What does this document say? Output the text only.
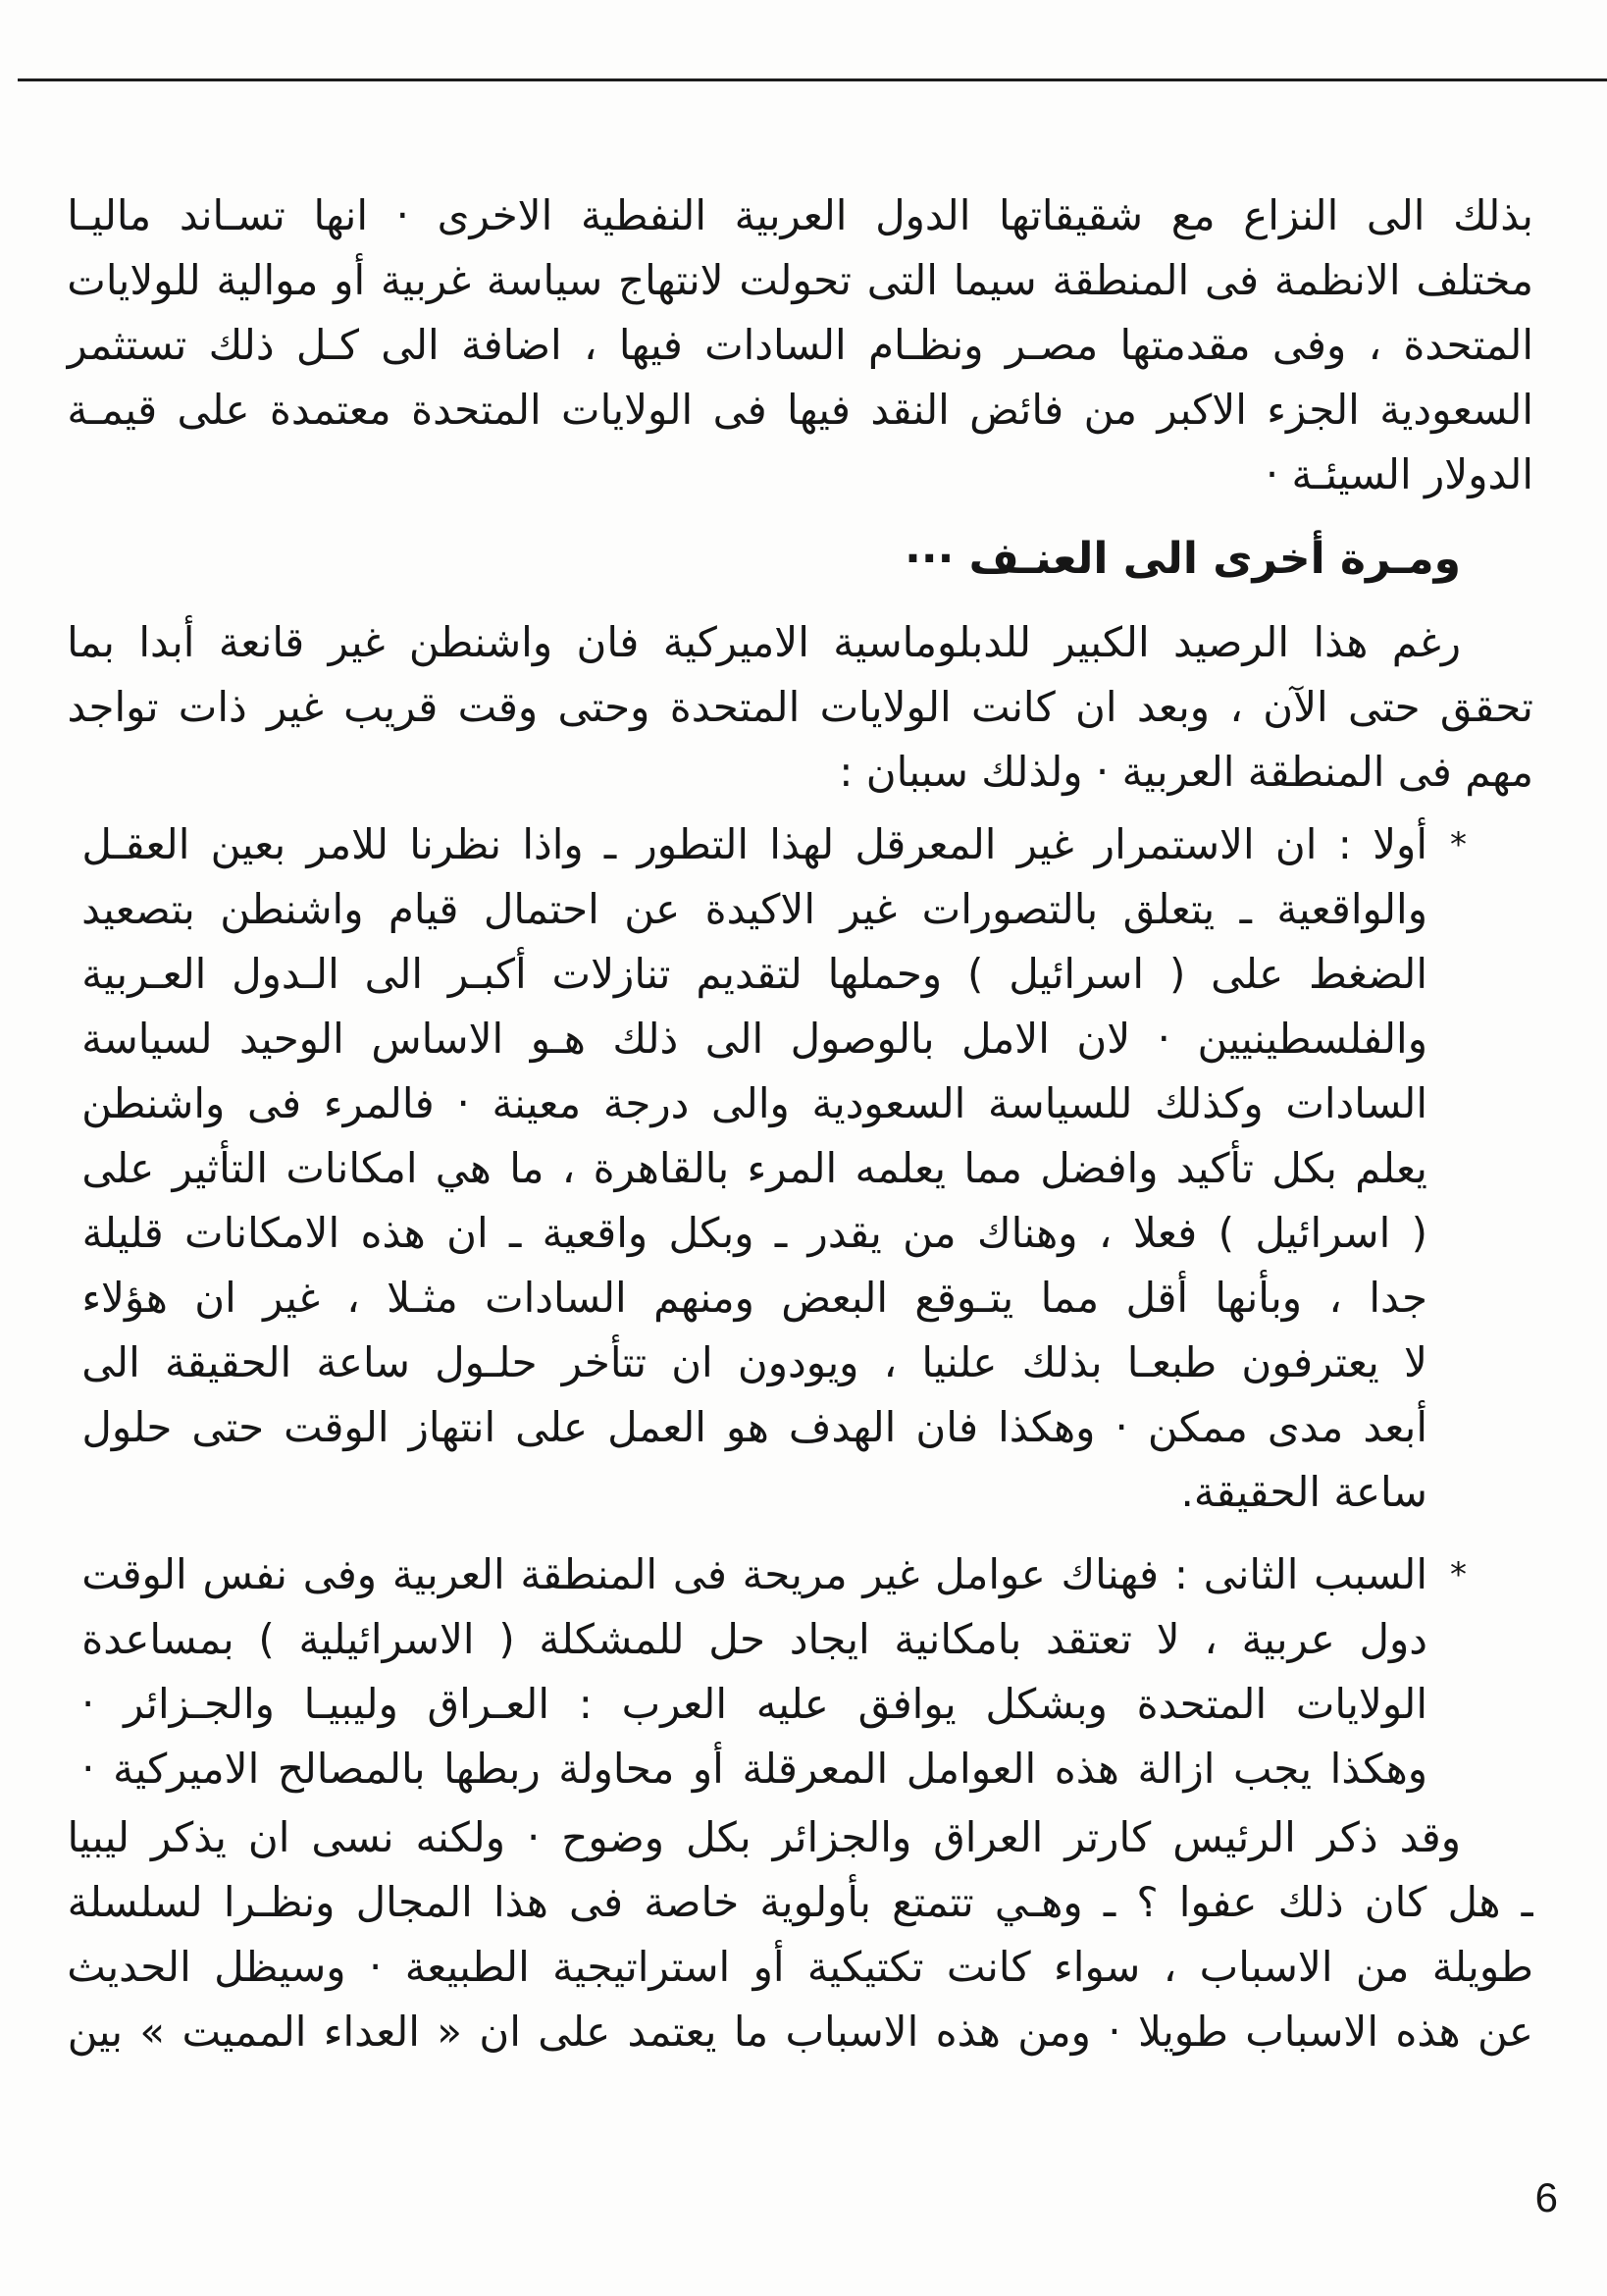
بذلك الى النزاع مع شقيقاتها الدول العربية النفطية الاخرى · انها تسـاند ماليـا
مختلف الانظمة فى المنطقة سيما التى تحولت لانتهاج سياسة غربية أو موالية للولايات
المتحدة ، وفى مقدمتها مصـر ونظـام السادات فيها ، اضافة الى كـل ذلك تستثمر
السعودية الجزء الاكبر من فائض النقد فيها فى الولايات المتحدة معتمدة على قيمـة
الدولار السيئـة ·
ومـرة أخرى الى العنـف ···
رغم هذا الرصيد الكبير للدبلوماسية الاميركية فان واشنطن غير قانعة أبدا بما
تحقق حتى الآن ، وبعد ان كانت الولايات المتحدة وحتى وقت قريب غير ذات تواجد
مهم فى المنطقة العربية · ولذلك سببان :
*
أولا : ان الاستمرار غير المعرقل لهذا التطور ـ واذا نظرنا للامر بعين العقـل
والواقعية ـ يتعلق بالتصورات غير الاكيدة عن احتمال قيام واشنطن بتصعيد
الضغط على ( اسرائيل ) وحملها لتقديم تنازلات أكبـر الى الـدول العـربية
والفلسطينيين · لان الامل بالوصول الى ذلك هـو الاساس الوحيد لسياسة
السادات وكذلك للسياسة السعودية والى درجة معينة · فالمرء فى واشنطن
يعلم بكل تأكيد وافضل مما يعلمه المرء بالقاهرة ، ما هي امكانات التأثير على
( اسرائيل ) فعلا ، وهناك من يقدر ـ وبكل واقعية ـ ان هذه الامكانات قليلة
جدا ، وبأنها أقل مما يتـوقع البعض ومنهم السادات مثـلا ، غير ان هؤلاء
لا يعترفون طبعـا بذلك علنيا ، ويودون ان تتأخر حلـول ساعة الحقيقة الى
أبعد مدى ممكن · وهكذا فان الهدف هو العمل على انتهاز الوقت حتى حلول
ساعة الحقيقة.
*
السبب الثانى : فهناك عوامل غير مريحة فى المنطقة العربية وفى نفس الوقت
دول عربية ، لا تعتقد بامكانية ايجاد حل للمشكلة ( الاسرائيلية ) بمساعدة
الولايات المتحدة وبشكل يوافق عليه العرب : العـراق وليبيـا والجـزائر ·
وهكذا يجب ازالة هذه العوامل المعرقلة أو محاولة ربطها بالمصالح الاميركية ·
وقد ذكر الرئيس كارتر العراق والجزائر بكل وضوح · ولكنه نسى ان يذكر ليبيا
ـ هل كان ذلك عفوا ؟ ـ وهـي تتمتع بأولوية خاصة فى هذا المجال ونظـرا لسلسلة
طويلة من الاسباب ، سواء كانت تكتيكية أو استراتيجية الطبيعة · وسيظل الحديث
عن هذه الاسباب طويلا · ومن هذه الاسباب ما يعتمد على ان « العداء المميت » بين
6
